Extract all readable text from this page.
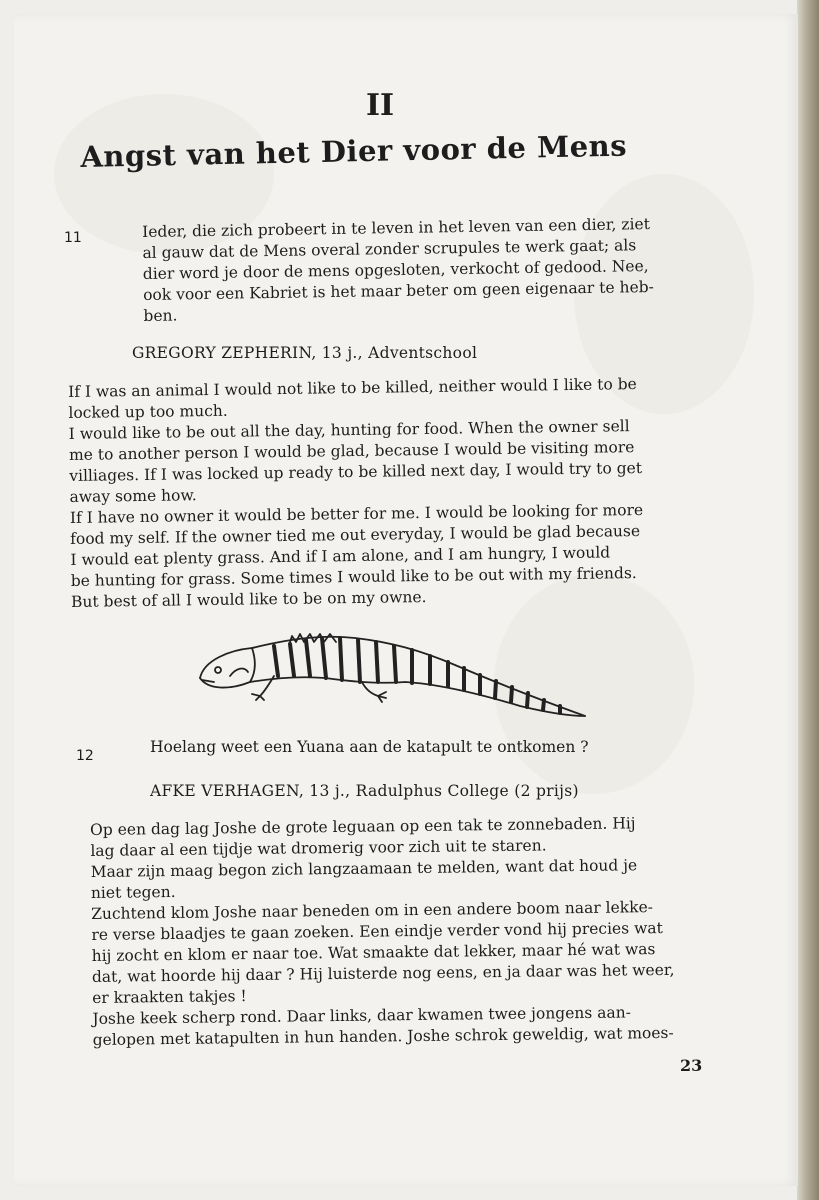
II
Angst van het Dier voor de Mens
11	Ieder, die zich probeert in te leven in het leven van een dier, ziet
al gauw dat de Mens overal zonder scrupules te werk gaat; als
dier word je door de mens opgesloten, verkocht of gedood. Nee,
ook voor een Kabriet is het maar beter om geen eigenaar te heb-
ben.
GREGORY ZEPHERIN, 13 j., Adventschool
If I was an animal I would not like to be killed, neither would I like to be
locked up too much.
I would like to be out all the day, hunting for food. When the owner sell
me to another person I would be glad, because I would be visiting more
villiages. If I was locked up ready to be killed next day, I would try to get
away some how.
If I have no owner it would be better for me. I would be looking for more
food my self. If the owner tied me out everyday, I would be glad because
I would eat plenty grass. And if I am alone, and I am hungry, I would
be hunting for grass. Some times I would like to be out with my friends.
But best of all I would like to be on my owne.
12	Hoelang weet een Yuana aan de katapult te ontkomen ?
AFKE VERHAGEN, 13 j., Radulphus College (2 prijs)
Op een dag lag Joshe de grote leguaan op een tak te zonnebaden. Hij
lag daar al een tijdje wat dromerig voor zich uit te staren.
Maar zijn maag begon zich langzaamaan te melden, want dat houd je
niet tegen.
Zuchtend klom Joshe naar beneden om in een andere boom naar lekke-
re verse blaadjes te gaan zoeken. Een eindje verder vond hij precies wat
hij zocht en klom er naar toe. Wat smaakte dat lekker, maar hé wat was
dat, wat hoorde hij daar ? Hij luisterde nog eens, en ja daar was het weer,
er kraakten takjes !
Joshe keek scherp rond. Daar links, daar kwamen twee jongens aan-
gelopen met katapulten in hun handen. Joshe schrok geweldig, wat moes-
23
